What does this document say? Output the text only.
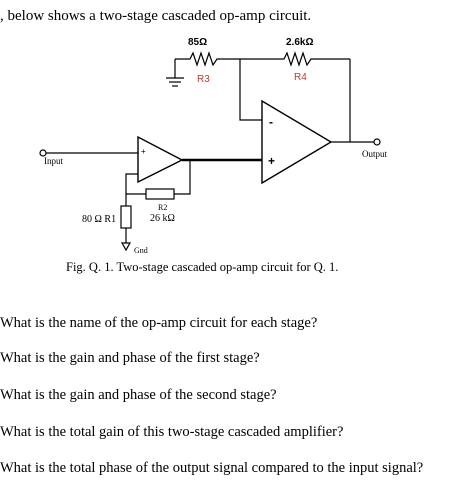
, below shows a two-stage cascaded op-amp circuit.
85Ω
R3
2.6kΩ
R4
-
+	Output
+
Input
R2
26 kΩ
80 Ω R1
Gnd
Fig. Q. 1. Two-stage cascaded op-amp circuit for Q. 1.
What is the name of the op-amp circuit for each stage?
What is the gain and phase of the first stage?
What is the gain and phase of the second stage?
What is the total gain of this two-stage cascaded amplifier?
What is the total phase of the output signal compared to the input signal?
